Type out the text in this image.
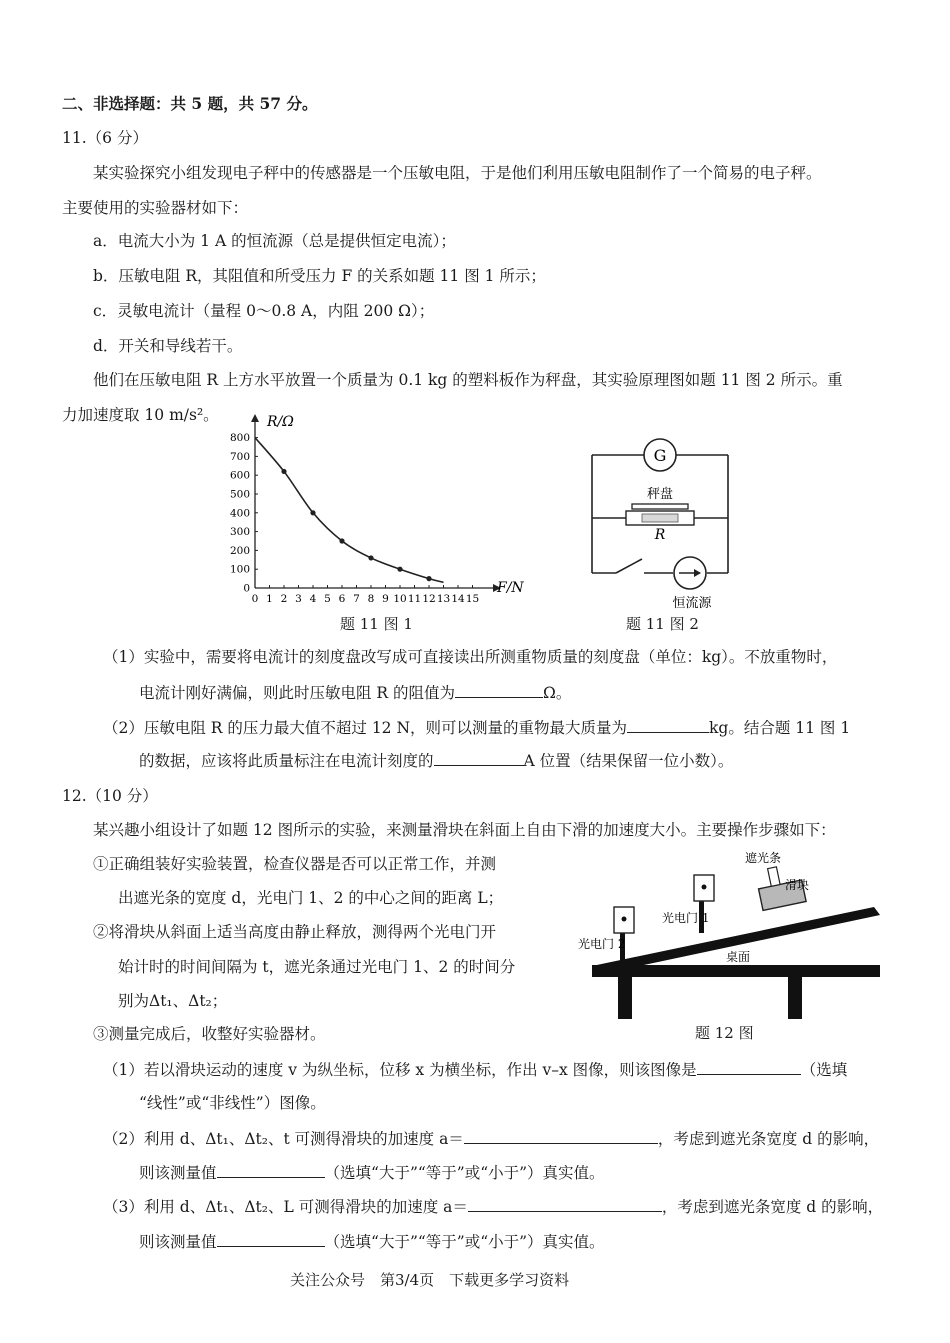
二、非选择题：共 5 题，共 57 分。
11.（6 分）
某实验探究小组发现电子秤中的传感器是一个压敏电阻，于是他们利用压敏电阻制作了一个简易的电子秤。
主要使用的实验器材如下：
a．电流大小为 1 A 的恒流源（总是提供恒定电流）；
b．压敏电阻 R，其阻值和所受压力 F 的关系如题 11 图 1 所示；
c．灵敏电流计（量程 0～0.8 A，内阻 200 Ω）；
d．开关和导线若干。
他们在压敏电阻 R 上方水平放置一个质量为 0.1 kg 的塑料板作为秤盘，其实验原理图如题 11 图 2 所示。重
力加速度取 10 m/s²。
0 1 2 3 4 5 6 7 8 9 10 11 12 13 14 15
0
100
200
300
400
500
600
700
800
R/Ω
F/N
题 11 图 1
G
秤盘
R
恒流源
题 11 图 2
（1）实验中，需要将电流计的刻度盘改写成可直接读出所测重物质量的刻度盘（单位：kg）。不放重物时，
电流计刚好满偏，则此时压敏电阻 R 的阻值为	Ω。
（2）压敏电阻 R 的压力最大值不超过 12 N，则可以测量的重物最大质量为	kg。结合题 11 图 1
的数据，应该将此质量标注在电流计刻度的	A 位置（结果保留一位小数）。
12.（10 分）
某兴趣小组设计了如题 12 图所示的实验，来测量滑块在斜面上自由下滑的加速度大小。主要操作步骤如下：
①正确组装好实验装置，检查仪器是否可以正常工作，并测
出遮光条的宽度 d，光电门 1、2 的中心之间的距离 L；
②将滑块从斜面上适当高度由静止释放，测得两个光电门开
始计时的时间间隔为 t，遮光条通过光电门 1、2 的时间分
别为Δt₁、Δt₂；
③测量完成后，收整好实验器材。
遮光条
滑块
光电门 1
光电门 2
桌面
题 12 图
（1）若以滑块运动的速度 v 为纵坐标，位移 x 为横坐标，作出 v–x 图像，则该图像是	（选填
“线性”或“非线性”）图像。
（2）利用 d、Δt₁、Δt₂、t 可测得滑块的加速度 a＝	，考虑到遮光条宽度 d 的影响，
则该测量值	（选填“大于”“等于”或“小于”）真实值。
（3）利用 d、Δt₁、Δt₂、L 可测得滑块的加速度 a＝	，考虑到遮光条宽度 d 的影响，
则该测量值	（选填“大于”“等于”或“小于”）真实值。
关注公众号　第3/4页　下载更多学习资料
